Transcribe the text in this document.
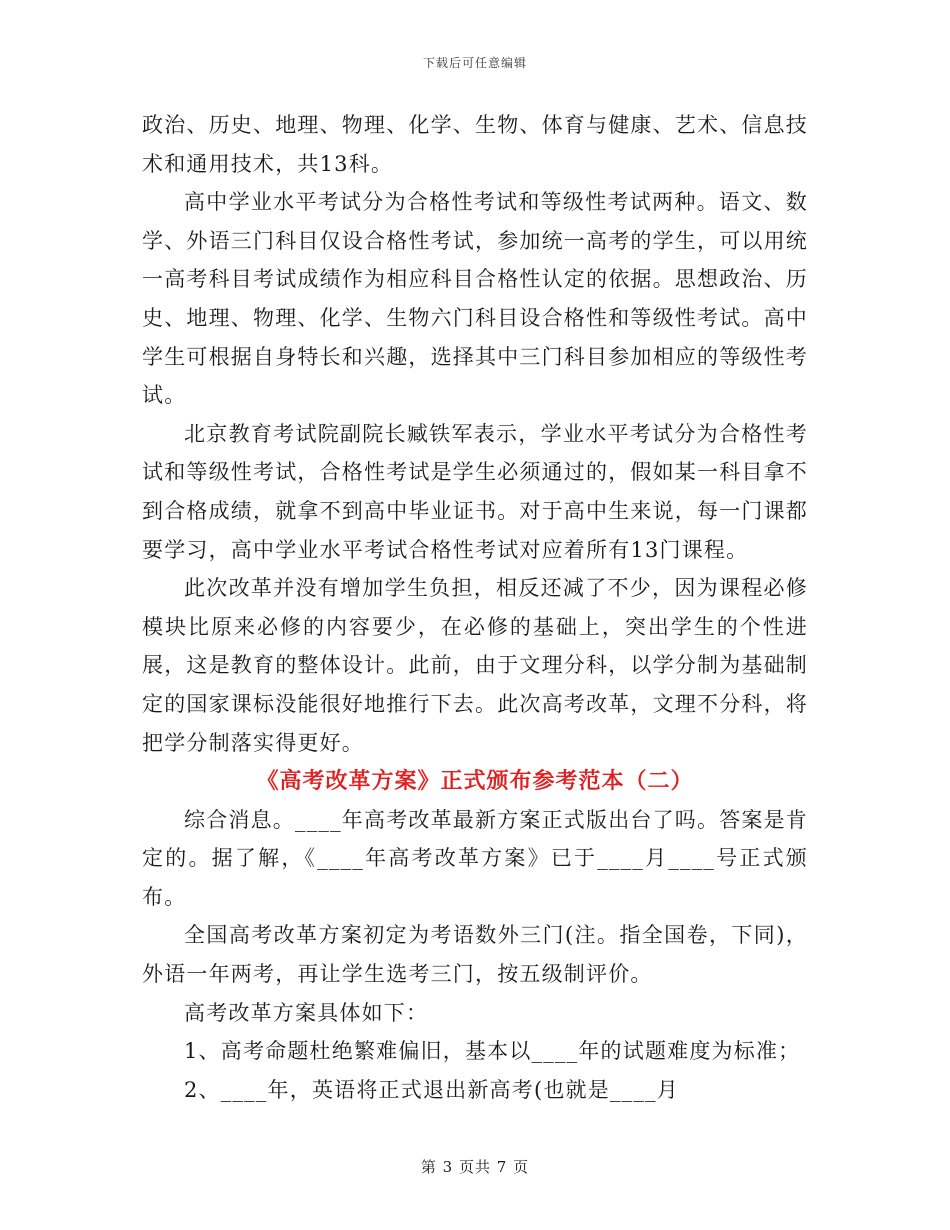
下载后可任意编辑

政治、历史、地理、物理、化学、生物、体育与健康、艺术、信息技术和通用技术，共13科。

高中学业水平考试分为合格性考试和等级性考试两种。语文、数学、外语三门科目仅设合格性考试，参加统一高考的学生，可以用统一高考科目考试成绩作为相应科目合格性认定的依据。思想政治、历史、地理、物理、化学、生物六门科目设合格性和等级性考试。高中学生可根据自身特长和兴趣，选择其中三门科目参加相应的等级性考试。

北京教育考试院副院长臧铁军表示，学业水平考试分为合格性考试和等级性考试，合格性考试是学生必须通过的，假如某一科目拿不到合格成绩，就拿不到高中毕业证书。对于高中生来说，每一门课都要学习，高中学业水平考试合格性考试对应着所有13门课程。

此次改革并没有增加学生负担，相反还减了不少，因为课程必修模块比原来必修的内容要少，在必修的基础上，突出学生的个性进展，这是教育的整体设计。此前，由于文理分科，以学分制为基础制定的国家课标没能很好地推行下去。此次高考改革，文理不分科，将把学分制落实得更好。

《高考改革方案》正式颁布参考范本（二）

综合消息。____年高考改革最新方案正式版出台了吗。答案是肯定的。据了解，《____年高考改革方案》已于____月____号正式颁布。

全国高考改革方案初定为考语数外三门(注。指全国卷，下同)，外语一年两考，再让学生选考三门，按五级制评价。

高考改革方案具体如下：

1、高考命题杜绝繁难偏旧，基本以____年的试题难度为标准；

2、____年，英语将正式退出新高考(也就是____月

第 3 页共 7 页
